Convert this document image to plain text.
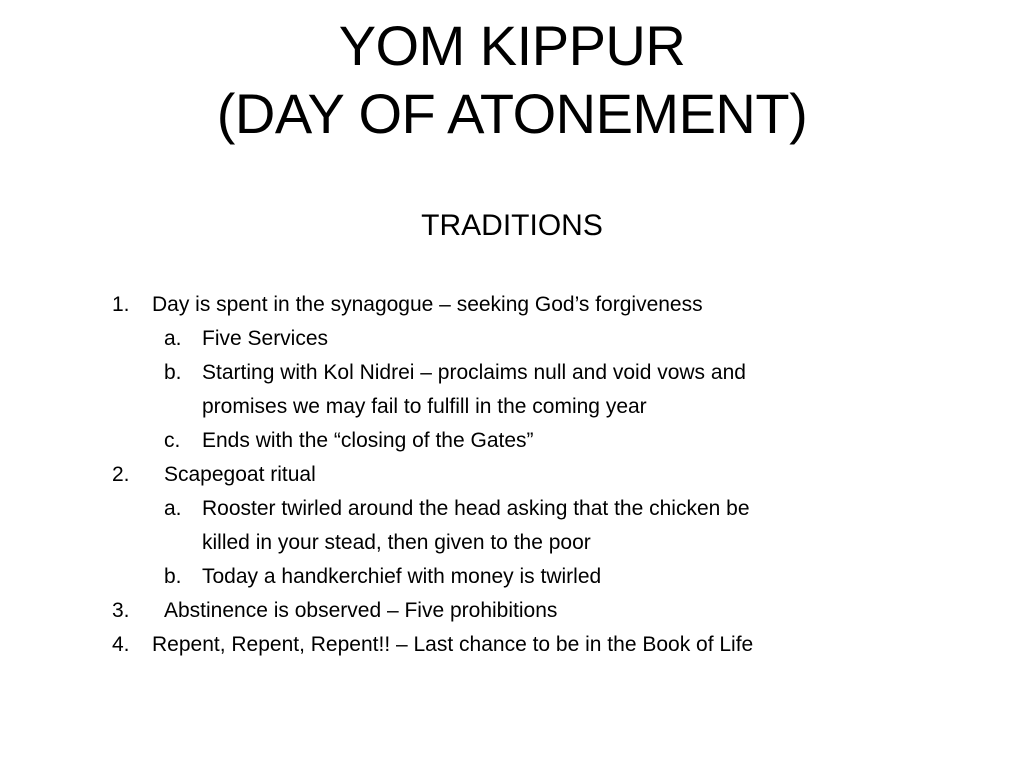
YOM KIPPUR
(DAY OF ATONEMENT)
TRADITIONS
1.	Day is spent in the synagogue – seeking God’s forgiveness
a. Five Services
b. Starting with Kol Nidrei – proclaims null and void vows and
promises we may fail to fulfill in the coming year
c.	Ends with the “closing of the Gates”
2.	Scapegoat ritual
a. Rooster twirled around the head asking that the chicken be
killed in your stead, then given to the poor
b. Today a handkerchief with money is twirled
3.	Abstinence is observed – Five prohibitions
4.	Repent, Repent, Repent!! – Last chance to be in the Book of Life
